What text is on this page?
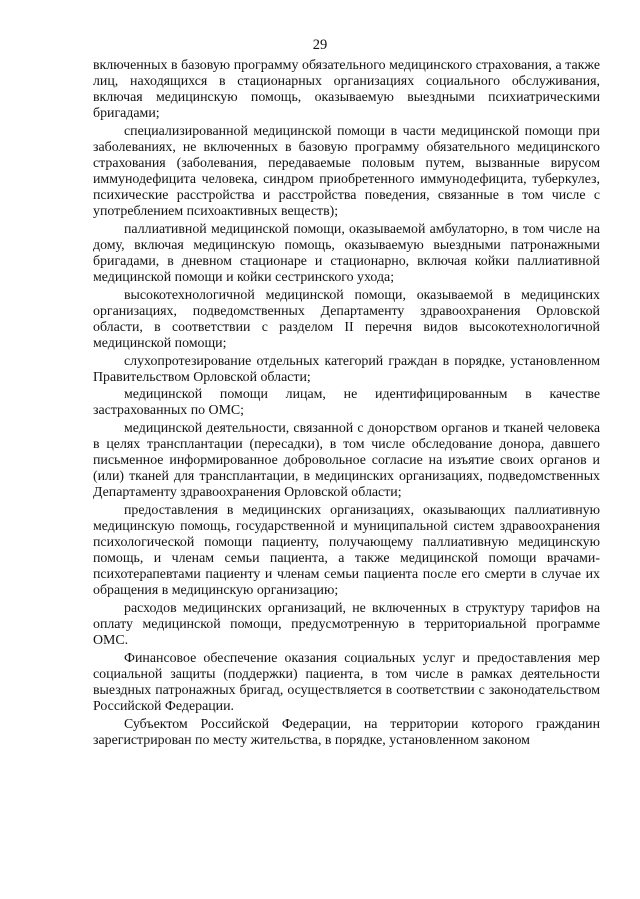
29

включенных в базовую программу обязательного медицинского страхования, а также лиц, находящихся в стационарных организациях социального обслуживания, включая медицинскую помощь, оказываемую выездными психиатрическими бригадами;

специализированной медицинской помощи в части медицинской помощи при заболеваниях, не включенных в базовую программу обязательного медицинского страхования (заболевания, передаваемые половым путем, вызванные вирусом иммунодефицита человека, синдром приобретенного иммунодефицита, туберкулез, психические расстройства и расстройства поведения, связанные в том числе с употреблением психоактивных веществ);

паллиативной медицинской помощи, оказываемой амбулаторно, в том числе на дому, включая медицинскую помощь, оказываемую выездными патронажными бригадами, в дневном стационаре и стационарно, включая койки паллиативной медицинской помощи и койки сестринского ухода;

высокотехнологичной медицинской помощи, оказываемой в медицинских организациях, подведомственных Департаменту здравоохранения Орловской области, в соответствии с разделом II перечня видов высокотехнологичной медицинской помощи;

слухопротезирование отдельных категорий граждан в порядке, установленном Правительством Орловской области;

медицинской помощи лицам, не идентифицированным в качестве застрахованных по ОМС;

медицинской деятельности, связанной с донорством органов и тканей человека в целях трансплантации (пересадки), в том числе обследование донора, давшего письменное информированное добровольное согласие на изъятие своих органов и (или) тканей для трансплантации, в медицинских организациях, подведомственных Департаменту здравоохранения Орловской области;

предоставления в медицинских организациях, оказывающих паллиативную медицинскую помощь, государственной и муниципальной систем здравоохранения психологической помощи пациенту, получающему паллиативную медицинскую помощь, и членам семьи пациента, а также медицинской помощи врачами-психотерапевтами пациенту и членам семьи пациента после его смерти в случае их обращения в медицинскую организацию;

расходов медицинских организаций, не включенных в структуру тарифов на оплату медицинской помощи, предусмотренную в территориальной программе ОМС.

Финансовое обеспечение оказания социальных услуг и предоставления мер социальной защиты (поддержки) пациента, в том числе в рамках деятельности выездных патронажных бригад, осуществляется в соответствии с законодательством Российской Федерации.

Субъектом Российской Федерации, на территории которого гражданин зарегистрирован по месту жительства, в порядке, установленном законом
